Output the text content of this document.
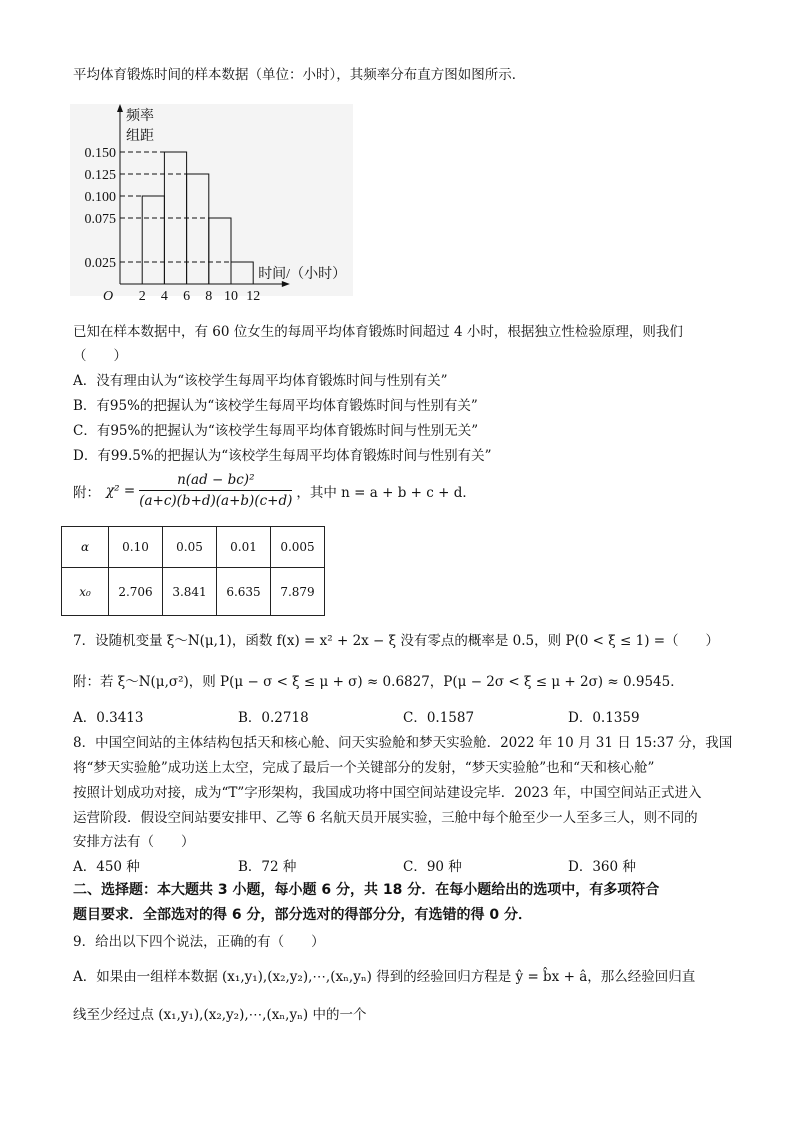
平均体育锻炼时间的样本数据（单位：小时），其频率分布直方图如图所示．
0.025
0.075
0.100
0.125
0.150
2 4 6 8 10 12
O
频率
组距
时间/（小时）
已知在样本数据中，有 60 位女生的每周平均体育锻炼时间超过 4 小时，根据独立性检验原理，则我们
（　　）
A．没有理由认为“该校学生每周平均体育锻炼时间与性别有关”
B．有95%的把握认为“该校学生每周平均体育锻炼时间与性别有关”
C．有95%的把握认为“该校学生每周平均体育锻炼时间与性别无关”
D．有99.5%的把握认为“该校学生每周平均体育锻炼时间与性别有关”
附： $\chi^2 = \frac{\text{n(ad − bc)²}}{(a+c)(b+d)(a+b)(c+d)}$ ，其中 n = a + b + c + d．
α	0.10	0.05	0.01	0.005
x₀	2.706	3.841	6.635	7.879
7．设随机变量 ξ～N(μ,1)，函数 f(x) = x² + 2x − ξ 没有零点的概率是 0.5，则 P(0 < ξ ≤ 1) =（　　）
附：若 ξ～N(μ,σ²)，则 P(μ − σ < ξ ≤ μ + σ) ≈ 0.6827，P(μ − 2σ < ξ ≤ μ + 2σ) ≈ 0.9545．
A．0.3413	B．0.2718	C．0.1587	D．0.1359
8．中国空间站的主体结构包括天和核心舱、问天实验舱和梦天实验舱．2022 年 10 月 31 日 15:37 分，我国
将“梦天实验舱”成功送上太空，完成了最后一个关键部分的发射，“梦天实验舱”也和“天和核心舱”
按照计划成功对接，成为“T”字形架构，我国成功将中国空间站建设完毕．2023 年，中国空间站正式进入
运营阶段．假设空间站要安排甲、乙等 6 名航天员开展实验，三舱中每个舱至少一人至多三人，则不同的
安排方法有（　　）
A．450 种	B．72 种	C．90 种	D．360 种
二、选择题：本大题共 3 小题，每小题 6 分，共 18 分．在每小题给出的选项中，有多项符合
题目要求．全部选对的得 6 分，部分选对的得部分分，有选错的得 0 分．
9．给出以下四个说法，正确的有（　　）
A．如果由一组样本数据 (x₁,y₁),(x₂,y₂),⋯,(xₙ,yₙ) 得到的经验回归方程是 ŷ = b̂x + â，那么经验回归直
线至少经过点 (x₁,y₁),(x₂,y₂),⋯,(xₙ,yₙ) 中的一个
